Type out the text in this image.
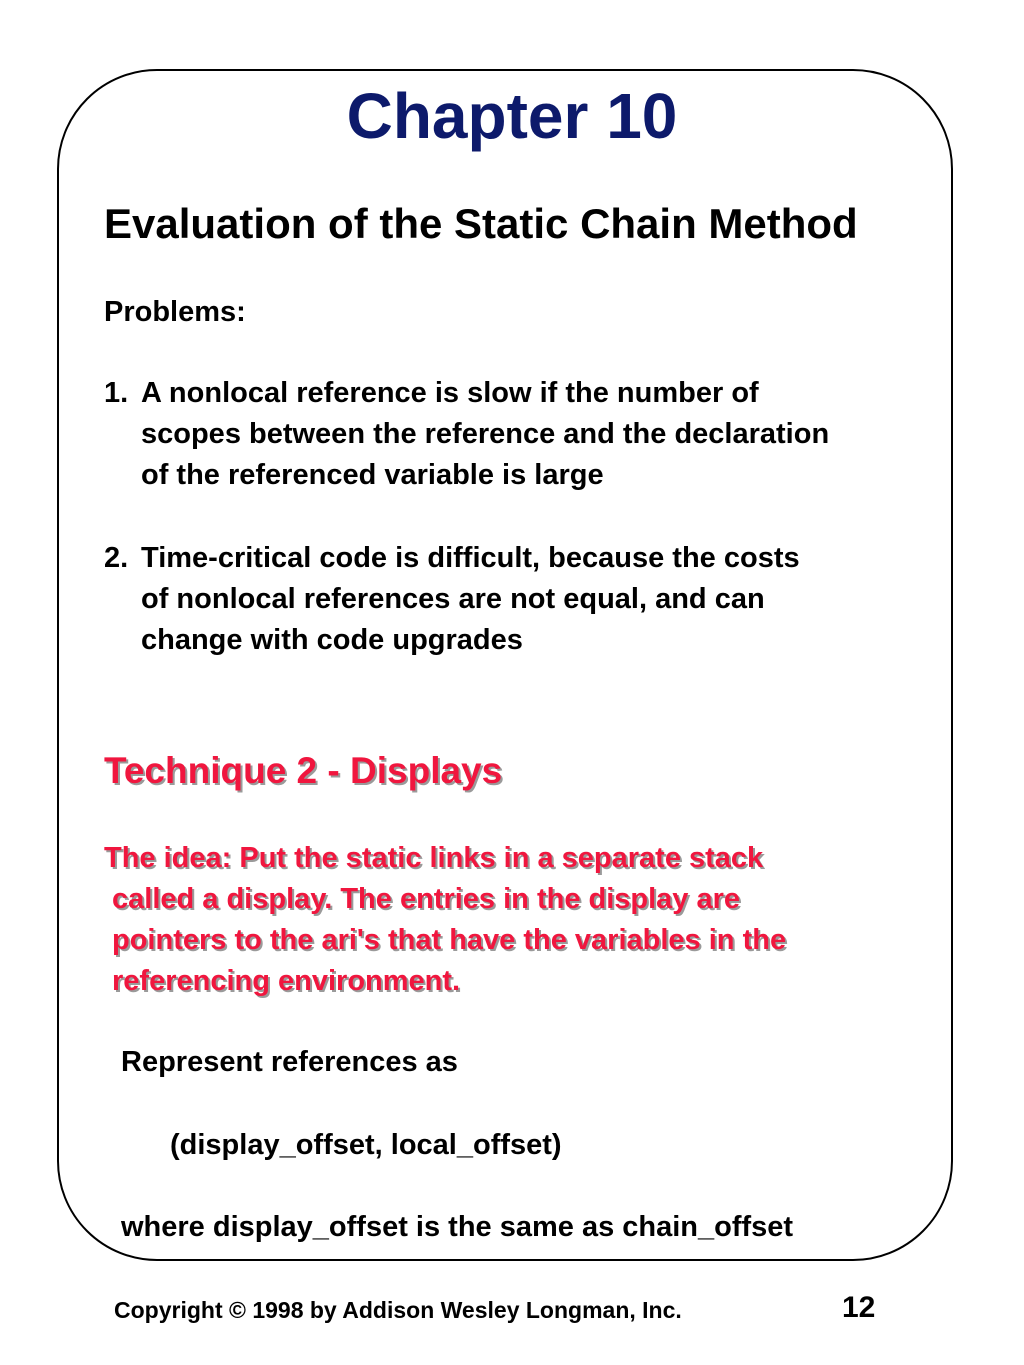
Chapter 10
Evaluation of the Static Chain Method
Problems:
1. A nonlocal reference is slow if the number of
scopes between the reference and the declaration
of the referenced variable is large
2. Time-critical code is difficult, because the costs
of nonlocal references are not equal, and can
change with code upgrades
Technique 2 - Displays
The idea: Put the static links in a separate stack
called a display. The entries in the display are
pointers to the ari's that have the variables in the
referencing environment.
Represent references as
(display_offset, local_offset)
where display_offset is the same as chain_offset
Copyright © 1998 by Addison Wesley Longman, Inc.	12
